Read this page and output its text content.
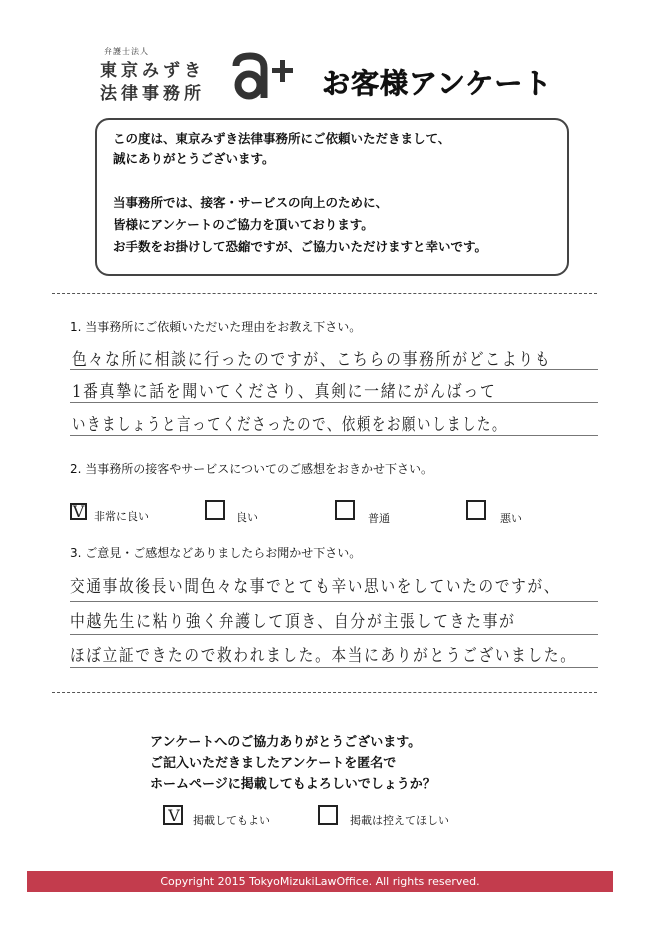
弁護士法人
東京みずき
法律事務所	お客様アンケート

この度は、東京みずき法律事務所にご依頼いただきまして、

誠にありがとうございます。

当事務所では、接客・サービスの向上のために、

皆様にアンケートのご協力を頂いております。

お手数をお掛けして恐縮ですが、ご協力いただけますと幸いです。

1. 当事務所にご依頼いただいた理由をお教え下さい。
色々な所に相談に行ったのですが、こちらの事務所がどこよりも
1番真摯に話を聞いてくださり、真剣に一緒にがんばって
いきましょうと言ってくださったので、依頼をお願いしました。
2. 当事務所の接客やサービスについてのご感想をおきかせ下さい。
V 非常に良い	良い	普通	悪い
3. ご意見・ご感想などありましたらお聞かせ下さい。
交通事故後長い間色々な事でとても辛い思いをしていたのですが、
中越先生に粘り強く弁護して頂き、自分が主張してきた事が
ほぼ立証できたので救われました。本当にありがとうございました。
アンケートへのご協力ありがとうございます。
ご記入いただきましたアンケートを匿名で
ホームページに掲載してもよろしいでしょうか？
V 掲載してもよい	掲載は控えてほしい
Copyright 2015 TokyoMizukiLawOffice. All rights reserved.
